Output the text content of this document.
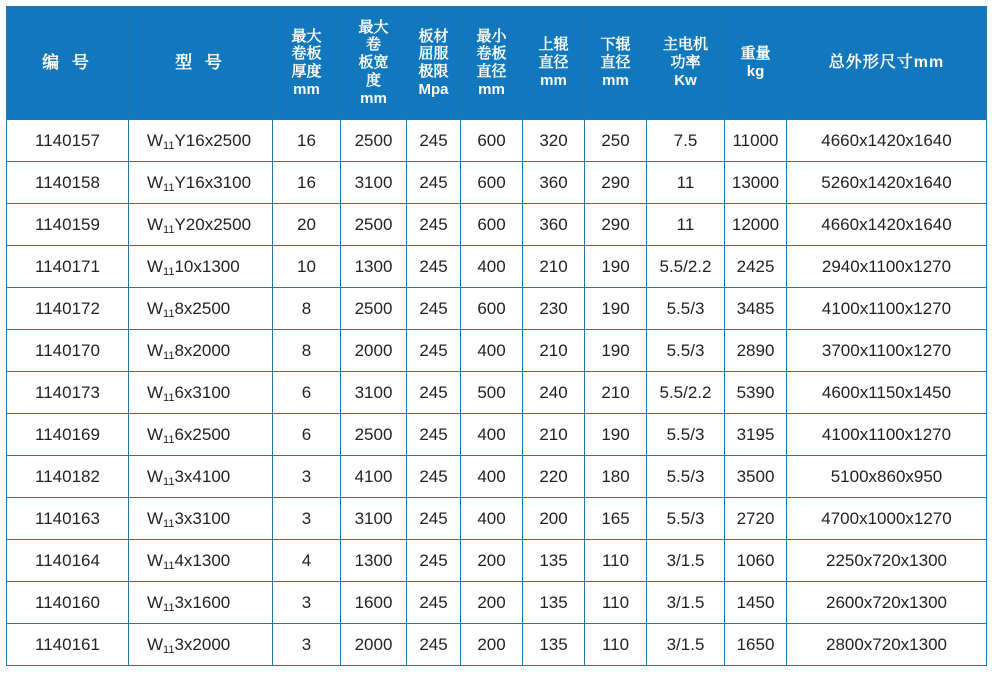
编 号	型 号	最大
卷板
厚度
mm	最大
卷
板宽
度
mm	板材
屈服
极限
Mpa	最小
卷板
直径
mm	上辊
直径
mm	下辊
直径
mm	主电机
功率
Kw	重量
kg	总外形尺寸mm

1140157	$W_{11}Y16x2500$	16	2500	245	600	320	250	7.5	11000	4660x1420x1640
1140158	$W_{11}Y16x3100$	16	3100	245	600	360	290	11	13000	5260x1420x1640
1140159	$W_{11}Y20x2500$	20	2500	245	600	360	290	11	12000	4660x1420x1640
1140171	$W_{11}10x1300$	10	1300	245	400	210	190	5.5/2.2	2425	2940x1100x1270
1140172	$W_{11}8x2500$	8	2500	245	600	230	190	5.5/3	3485	4100x1100x1270
1140170	$W_{11}8x2000$	8	2000	245	400	210	190	5.5/3	2890	3700x1100x1270
1140173	$W_{11}6x3100$	6	3100	245	500	240	210	5.5/2.2	5390	4600x1150x1450
1140169	$W_{11}6x2500$	6	2500	245	400	210	190	5.5/3	3195	4100x1100x1270
1140182	$W_{11}3x4100$	3	4100	245	400	220	180	5.5/3	3500	5100x860x950
1140163	$W_{11}3x3100$	3	3100	245	400	200	165	5.5/3	2720	4700x1000x1270
1140164	$W_{11}4x1300$	4	1300	245	200	135	110	3/1.5	1060	2250x720x1300
1140160	$W_{11}3x1600$	3	1600	245	200	135	110	3/1.5	1450	2600x720x1300
1140161	$W_{11}3x2000$	3	2000	245	200	135	110	3/1.5	1650	2800x720x1300
